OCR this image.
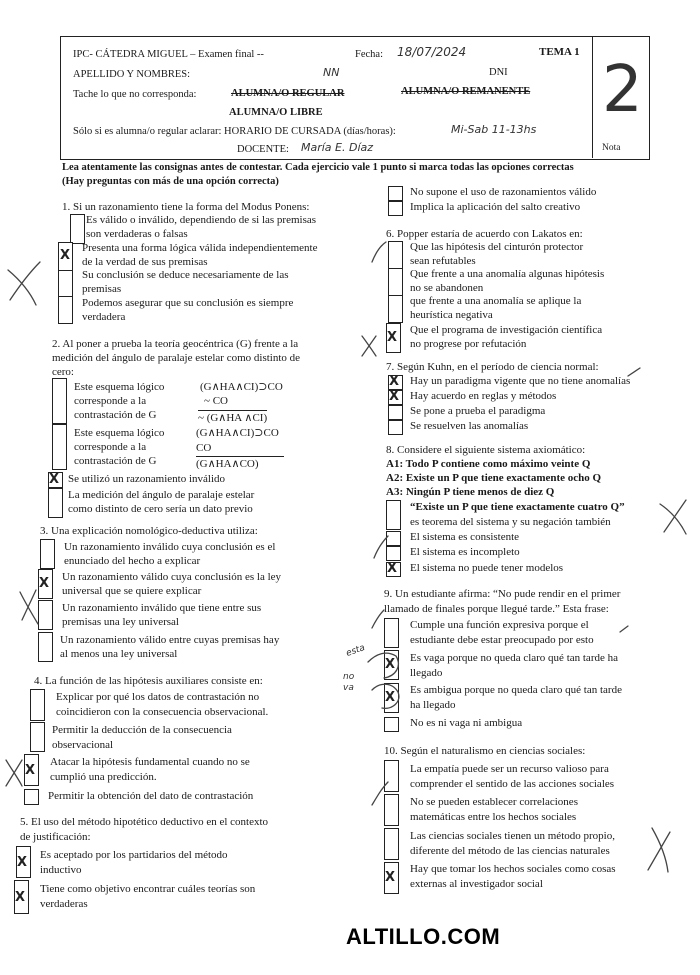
IPC- CÁTEDRA MIGUEL – Examen final --	Fecha: 18/07/2024	TEMA 1
APELLIDO Y NOMBRES:	NN	DNI
Tache lo que no corresponda:	ALUMNA/O REGULAR	ALUMNA/O REMANENTE
ALUMNA/O LIBRE
Sólo si es alumna/o regular aclarar: HORARIO DE CURSADA (días/horas):	Mi-Sab 11-13hs
DOCENTE: María E. Díaz	Nota
2
Lea atentamente las consignas antes de contestar. Cada ejercicio vale 1 punto si marca todas las opciones correctas
(Hay preguntas con más de una opción correcta)
1. Si un razonamiento tiene la forma del Modus Ponens:
Es válido o inválido, dependiendo de si las premisas
son verdaderas o falsas
X Presenta una forma lógica válida independientemente
de la verdad de sus premisas
Su conclusión se deduce necesariamente de las
premisas
Podemos asegurar que su conclusión es siempre
verdadera
2. Al poner a prueba la teoría geocéntrica (G) frente a la
medición del ángulo de paralaje estelar como distinto de
cero:
Este esquema lógico
corresponde a la
contrastación de G
(G∧HA∧CI)⊃CO
~ CO
~ (G∧HA ∧CI)
Este esquema lógico
corresponde a la
contrastación de G
(G∧HA∧CI)⊃CO
CO
(G∧HA∧CO)
X Se utilizó un razonamiento inválido
La medición del ángulo de paralaje estelar
como distinto de cero sería un dato previo
3. Una explicación nomológico-deductiva utiliza:
Un razonamiento inválido cuya conclusión es el
enunciado del hecho a explicar
X Un razonamiento válido cuya conclusión es la ley
universal que se quiere explicar
Un razonamiento inválido que tiene entre sus
premisas una ley universal
Un razonamiento válido entre cuyas premisas hay
al menos una ley universal
4. La función de las hipótesis auxiliares consiste en:
Explicar por qué los datos de contrastación no
coincidieron con la consecuencia observacional.
Permitir la deducción de la consecuencia
observacional
X
Atacar la hipótesis fundamental cuando no se
cumplió una predicción.
Permitir la obtención del dato de contrastación
5. El uso del método hipotético deductivo en el contexto
de justificación:
X Es aceptado por los partidarios del método
inductivo
X
Tiene como objetivo encontrar cuáles teorías son
verdaderas
No supone el uso de razonamientos válido
Implica la aplicación del salto creativo
6. Popper estaría de acuerdo con Lakatos en:
Que las hipótesis del cinturón protector
sean refutables
Que frente a una anomalía algunas hipótesis
no se abandonen
que frente a una anomalía se aplique la
heurística negativa
X Que el programa de investigación científica
no progrese por refutación
7. Según Kuhn, en el período de ciencia normal:
X Hay un paradigma vigente que no tiene anomalías
X Hay acuerdo en reglas y métodos
Se pone a prueba el paradigma
Se resuelven las anomalías
8. Considere el siguiente sistema axiomático:
A1: Todo P contiene como máximo veinte Q
A2: Existe un P que tiene exactamente ocho Q
A3: Ningún P tiene menos de diez Q
“Existe un P que tiene exactamente cuatro Q”
es teorema del sistema y su negación también
El sistema es consistente
El sistema es incompleto
X El sistema no puede tener modelos
9. Un estudiante afirma: “No pude rendir en el primer
llamado de finales porque llegué tarde.” Esta frase:
Cumple una función expresiva porque el
estudiante debe estar preocupado por esto
X Es vaga porque no queda claro qué tan tarde ha
llegado
X Es ambigua porque no queda claro qué tan tarde
ha llegado
No es ni vaga ni ambigua
esta
no
va
10. Según el naturalismo en ciencias sociales:
La empatía puede ser un recurso valioso para
comprender el sentido de las acciones sociales
No se pueden establecer correlaciones
matemáticas entre los hechos sociales
Las ciencias sociales tienen un método propio,
diferente del método de las ciencias naturales
X
Hay que tomar los hechos sociales como cosas
externas al investigador social
ALTILLO.COM
